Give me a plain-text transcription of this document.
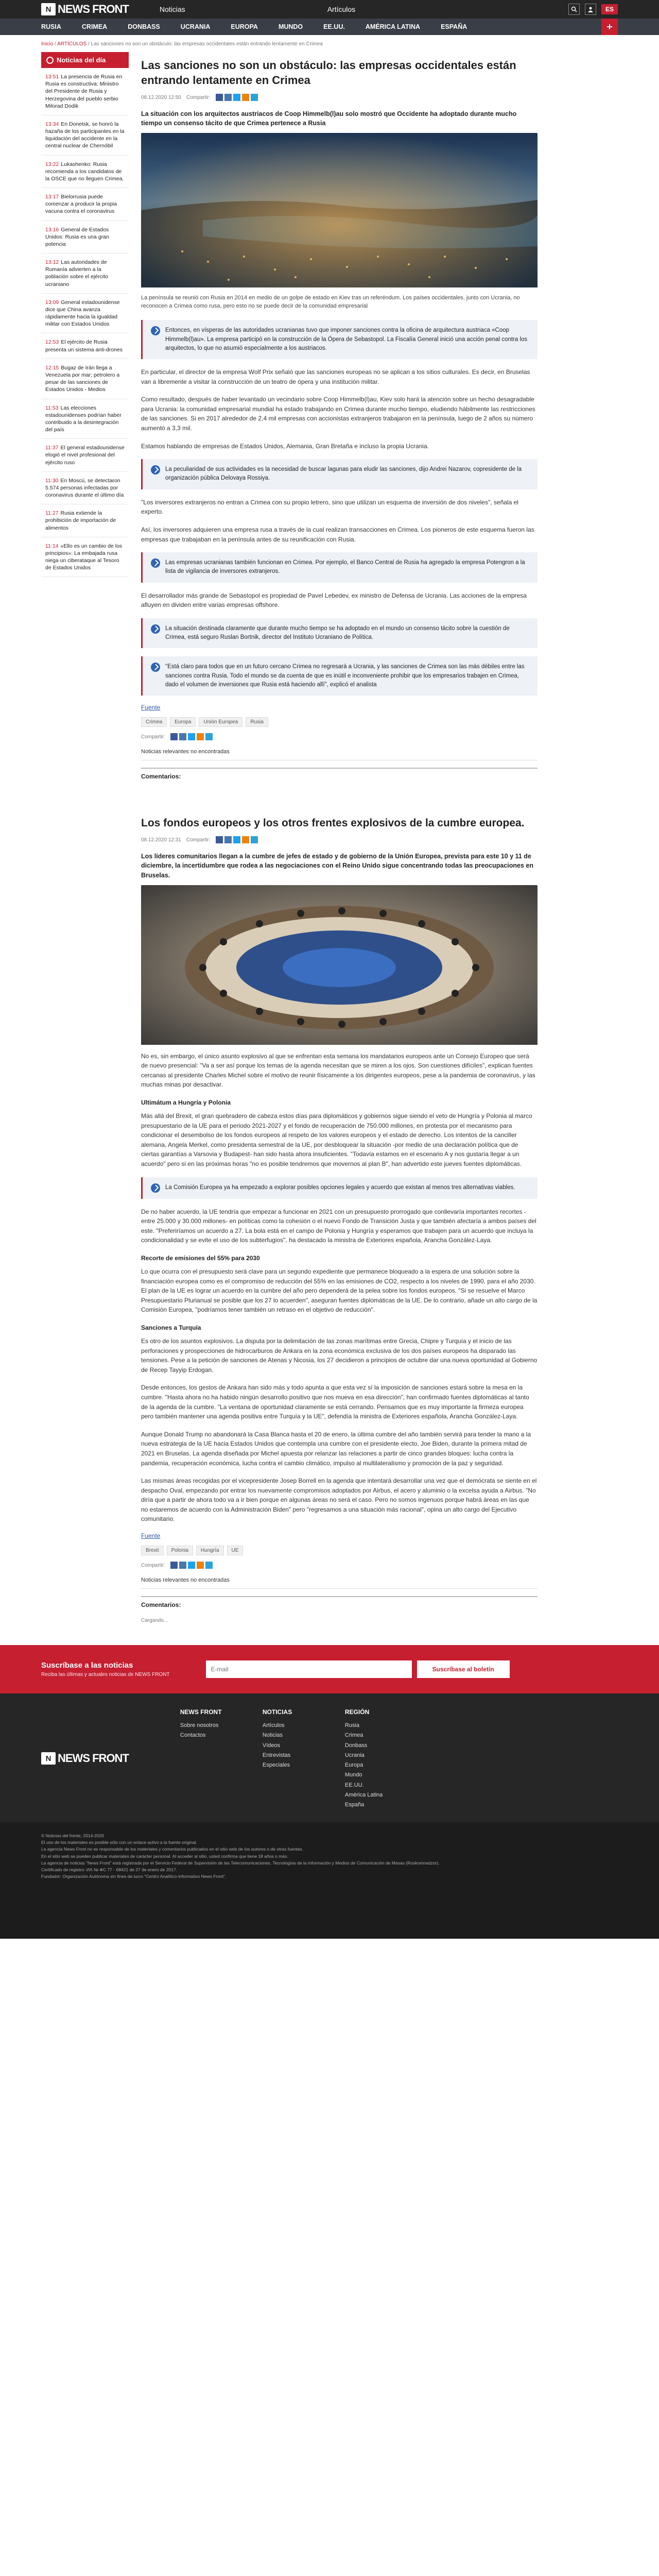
N NEWS FRONT	Noticias	Artículos	ES
RUSIA	CRIMEA	DONBASS	UCRANIA	EUROPA	MUNDO	EE.UU.	AMÉRICA LATINA	ESPAÑA
Inicio / ARTÍCULOS / Las sanciones no son un obstáculo: las empresas occidentales están entrando lentamente en Crimea
Noticias del día
13:51 La presencia de Rusia en Rusia es constructiva: Ministro del Presidente de Rusia y Herzegovina del pueblo serbio Milorad Dodik
13:34 En Donetsk, se honró la hazaña de los participantes en la liquidación del accidente en la central nuclear de Chernóbil
13:22 Lukashenko: Rusia recomienda a los candidatos de la OSCE que no lleguen Crimea.
13:17 Bielorrusia puede comenzar a producir la propia vacuna contra el coronavirus
13:16 General de Estados Unidos: Rusia es una gran potencia
13:12 Las autoridades de Rumanía advierten a la población sobre el ejército ucraniano
13:09 General estadounidense dice que China avanza rápidamente hacia la igualdad militar con Estados Unidos
12:53 El ejército de Rusia presenta un sistema anti-drones
12:15 Bugaz de Irán llega a Venezuela por mar; petrolero a pesar de las sanciones de Estados Unidos - Medios
11:53 Las elecciones estadounidenses podrían haber contribuido a la desintegración del país
11:37 El general estadounidense elogió el nivel profesional del ejército ruso
11:30 En Moscú, se detectaron 5.574 personas infectadas por coronavirus durante el último día
11:27 Rusia extiende la prohibición de importación de alimentos
11:14 «Ello es un cambio de los principios»: La embajada rusa niega un ciberataque al Tesoro de Estados Unidos
Las sanciones no son un obstáculo: las empresas occidentales están entrando lentamente en Crimea
08.12.2020 12:50 Compartir:

La situación con los arquitectos austriacos de Coop Himmelb(l)au solo mostró que Occidente ha adoptado durante mucho tiempo un consenso tácito de que Crimea pertenece a Rusia

La península se reunió con Rusia en 2014 en medio de un golpe de estado en Kiev tras un referéndum. Los países occidentales, junto con Ucrania, no reconocen a Crimea como rusa, pero esto no se puede decir de la comunidad empresarial

Entonces, en vísperas de las autoridades ucranianas tuvo que imponer sanciones contra la oficina de arquitectura austriaca «Coop Himmelb(l)au». La empresa participó en la construcción de la Ópera de Sebastopol. La Fiscalía General inició una acción penal contra los arquitectos, lo que no asumió especialmente a los austriacos.

En particular, el director de la empresa Wolf Prix señaló que las sanciones europeas no se aplican a los sitios culturales. Es decir, en Bruselas van a libremente a visitar la construcción de un teatro de ópera y una institución militar.

Como resultado, después de haber levantado un vecindario sobre Coop Himmelb(l)au, Kiev solo hará la atención sobre un hecho desagradable para Ucrania: la comunidad empresarial mundial ha estado trabajando en Crimea durante mucho tiempo, eludiendo hábilmente las restricciones de las sanciones. Si en 2017 alrededor de 2,4 mil empresas con accionistas extranjeros trabajaron en la península, luego de 2 años su número aumentó a 3,3 mil.

Estamos hablando de empresas de Estados Unidos, Alemania, Gran Bretaña e incluso la propia Ucrania.

La peculiaridad de sus actividades es la necesidad de buscar lagunas para eludir las sanciones, dijo Andrei Nazarov, copresidente de la organización pública Delovaya Rossiya.

"Los inversores extranjeros no entran a Crimea con su propio letrero, sino que utilizan un esquema de inversión de dos niveles", señala el experto.

Así, los inversores adquieren una empresa rusa a través de la cual realizan transacciones en Crimea. Los pioneros de este esquema fueron las empresas que trabajaban en la península antes de su reunificación con Rusia.

Las empresas ucranianas también funcionan en Crimea. Por ejemplo, el Banco Central de Rusia ha agregado la empresa Potengron a la lista de vigilancia de inversores extranjeros.

El desarrollador más grande de Sebastopol es propiedad de Pavel Lebedev, ex ministro de Defensa de Ucrania. Las acciones de la empresa afluyen en dividen entre varias empresas offshore.

La situación destinada claramente que durante mucho tiempo se ha adoptado en el mundo un consenso tácito sobre la cuestión de Crimea, está seguro Ruslan Bortnik, director del Instituto Ucraniano de Política.
"Está claro para todos que en un futuro cercano Crimea no regresará a Ucrania, y las sanciones de Crimea son las más débiles entre las sanciones contra Rusia. Todo el mundo se da cuenta de que es inútil e inconveniente prohibir que los empresarios trabajen en Crimea, dado el volumen de inversiones que Rusia está haciendo allí", explicó el analista
Fuente
Crimea	Europa	Unión Europea	Rusia
Compartir:
Noticias relevantes no encontradas
Comentarios:
Los fondos europeos y los otros frentes explosivos de la cumbre europea.
08.12.2020 12:31 Compartir:

Los líderes comunitarios llegan a la cumbre de jefes de estado y de gobierno de la Unión Europea, prevista para este 10 y 11 de diciembre, la incertidumbre que rodea a las negociaciones con el Reino Unido sigue concentrando todas las preocupaciones en Bruselas.

No es, sin embargo, el único asunto explosivo al que se enfrentan esta semana los mandatarios europeos ante un Consejo Europeo que será de nuevo presencial: "Va a ser así porque los temas de la agenda necesitan que se miren a los ojos. Son cuestiones difíciles", explican fuentes cercanas al presidente Charles Michel sobre el motivo de reunir físicamente a los dirigentes europeos, pese a la pandemia de coronavirus, y las muchas minas por desactivar.

Ultimátum a Hungría y Polonia

Más allá del Brexit, el gran quebradero de cabeza estos días para diplomáticos y gobiernos sigue siendo el veto de Hungría y Polonia al marco presupuestario de la UE para el periodo 2021-2027 y el fondo de recuperación de 750.000 millones, en protesta por el mecanismo para condicionar el desembolso de los fondos europeos al respeto de los valores europeos y el estado de derecho. Los intentos de la canciller alemana, Angela Merkel, como presidenta semestral de la UE, por desbloquear la situación -por medio de una declaración política que de ciertas garantías a Varsovia y Budapest- han sido hasta ahora insuficientes. "Todavía estamos en el escenario A y nos gustaría llegar a un acuerdo" pero si en las próximas horas "no es posible tendremos que movernos al plan B", han advertido este jueves fuentes diplomáticas.

La Comisión Europea ya ha empezado a explorar posibles opciones legales y acuerdo que existan al menos tres alternativas viables.

De no haber acuerdo, la UE tendría que empezar a funcionar en 2021 con un presupuesto prorrogado que conllevaría importantes recortes -entre 25.000 y 30.000 millones- en políticas como la cohesión o el nuevo Fondo de Transición Justa y que también afectaría a ambos países del este. "Preferiríamos un acuerdo a 27. La bola está en el campo de Polonia y Hungría y esperamos que trabajen para un acuerdo que incluya la condicionalidad y se evite el uso de los subterfugios", ha destacado la ministra de Exteriores española, Arancha González-Laya.

Recorte de emisiones del 55% para 2030

Lo que ocurra con el presupuesto será clave para un segundo expediente que permanece bloqueado a la espera de una solución sobre la financiación europea como es el compromiso de reducción del 55% en las emisiones de CO2, respecto a los niveles de 1990, para el año 2030. El plan de la UE es lograr un acuerdo en la cumbre del año pero dependerá de la pelea sobre los fondos europeos. "Si se resuelve el Marco Presupuestario Plurianual se posible que los 27 lo acuerden", aseguran fuentes diplomáticas de la UE. De lo contrario, añade un alto cargo de la Comisión Europea, "podríamos tener también un retraso en el objetivo de reducción".

Sanciones a Turquía

Es otro de los asuntos explosivos. La disputa por la delimitación de las zonas marítimas entre Grecia, Chipre y Turquía y el inicio de las perforaciones y prospecciones de hidrocarburos de Ankara en la zona económica exclusiva de los dos países europeos ha disparado las tensiones. Pese a la petición de sanciones de Atenas y Nicosia, los 27 decidieron a principios de octubre dar una nueva oportunidad al Gobierno de Recep Tayyip Erdogan.

Desde entonces, los gestos de Ankara han sido más y todo apunta a que esta vez sí la imposición de sanciones estará sobre la mesa en la cumbre. "Hasta ahora no ha habido ningún desarrollo positivo que nos mueva en esa dirección", han confirmado fuentes diplomáticas al tanto de la agenda de la cumbre. "La ventana de oportunidad claramente se está cerrando. Pensamos que es muy importante la firmeza europea pero también mantener una agenda positiva entre Turquía y la UE", defendía la ministra de Exteriores española, Arancha González-Laya.

Aunque Donald Trump no abandonará la Casa Blanca hasta el 20 de enero, la última cumbre del año también servirá para tender la mano a la nueva estrategia de la UE hacia Estados Unidos que contempla una cumbre con el presidente electo, Joe Biden, durante la primera mitad de 2021 en Bruselas. La agenda diseñada por Michel apuesta por relanzar las relaciones a partir de cinco grandes bloques: lucha contra la pandemia, recuperación económica, lucha contra el cambio climático, impulso al multilateralismo y promoción de la paz y seguridad.

Las mismas áreas recogidas por el vicepresidente Josep Borrell en la agenda que intentará desarrollar una vez que el demócrata se siente en el despacho Oval, empezando por entrar los nuevamente compromisos adoptados por Airbus, el acero y aluminio o la excelsa ayuda a Airbus. "No diría que a partir de ahora todo va a ir bien porque en algunas áreas no será el caso. Pero no somos ingenuos porque habrá áreas en las que no estaremos de acuerdo con la Administración Biden" pero "regresamos a una situación más racional", opina un alto cargo del Ejecutivo comunitario.

Fuente
Brexit	Polonia	Hungría	UE
Compartir:
Noticias relevantes no encontradas
Comentarios:
Cargando...
Suscríbase a las noticias
Reciba las últimas y actuales noticias de NEWS FRONT
E-mail
Suscríbase al boletín
N NEWS FRONT
NEWS FRONT
Sobre nosotros
Contactos
NOTICIAS
Artículos
Noticias
Vídeos
Entrevistas
Especiales
REGIÓN
Rusia
Crimea
Donbass
Ucrania
Europa
Mundo
EE.UU.
América Latina
España
© Noticias del frente, 2014-2020
El uso de los materiales es posible sólo con un enlace activo a la fuente original.
La agencia News Front no es responsable de los materiales y comentarios publicados en el sitio web de los autores o de otras fuentes.
En el sitio web se pueden publicar materiales de carácter personal. Al acceder al sitio, usted confirma que tiene 18 años o más.
La agencia de noticias "News Front" está registrada por el Servicio Federal de Supervisión de las Telecomunicaciones, Tecnologías de la Información y Medios de Comunicación de Masas (Roskomnadzor).
Certificado de registro: ИА № ФС 77 - 68421 de 27 de enero de 2017.
Fundador: Organización Autónoma sin fines de lucro "Centro Analítico-Informativo News Front".
